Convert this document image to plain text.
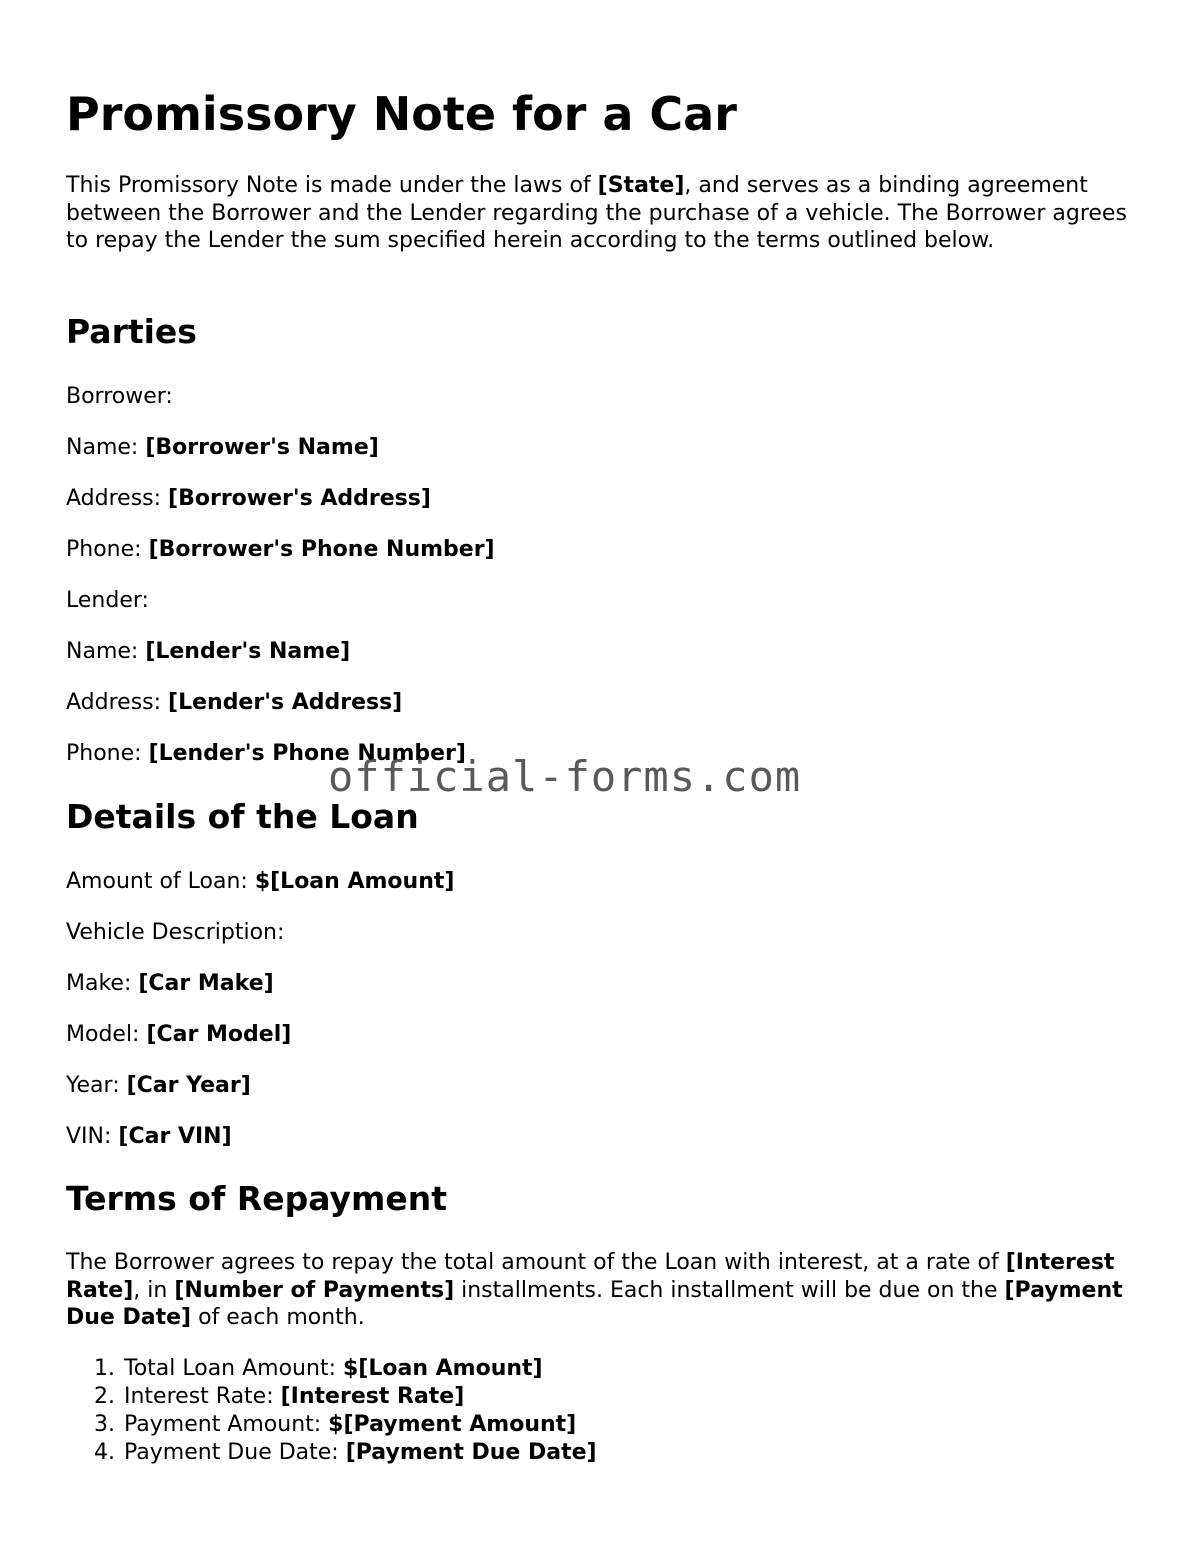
Promissory Note for a Car

This Promissory Note is made under the laws of [State], and serves as a binding agreement between the Borrower and the Lender regarding the purchase of a vehicle. The Borrower agrees to repay the Lender the sum specified herein according to the terms outlined below.

Parties
Borrower:
Name: [Borrower's Name]
Address: [Borrower's Address]
Phone: [Borrower's Phone Number]
Lender:
Name: [Lender's Name]
Address: [Lender's Address]
Phone: [Lender's Phone Number]
Details of the Loan
Amount of Loan: $[Loan Amount]
Vehicle Description:
Make: [Car Make]
Model: [Car Model]
Year: [Car Year]
VIN: [Car VIN]
Terms of Repayment

The Borrower agrees to repay the total amount of the Loan with interest, at a rate of [Interest Rate], in [Number of Payments] installments. Each installment will be due on the [Payment Due Date] of each month.

1. Total Loan Amount: $[Loan Amount]
2. Interest Rate: [Interest Rate]
3. Payment Amount: $[Payment Amount]
4. Payment Due Date: [Payment Due Date]
official-forms.com
